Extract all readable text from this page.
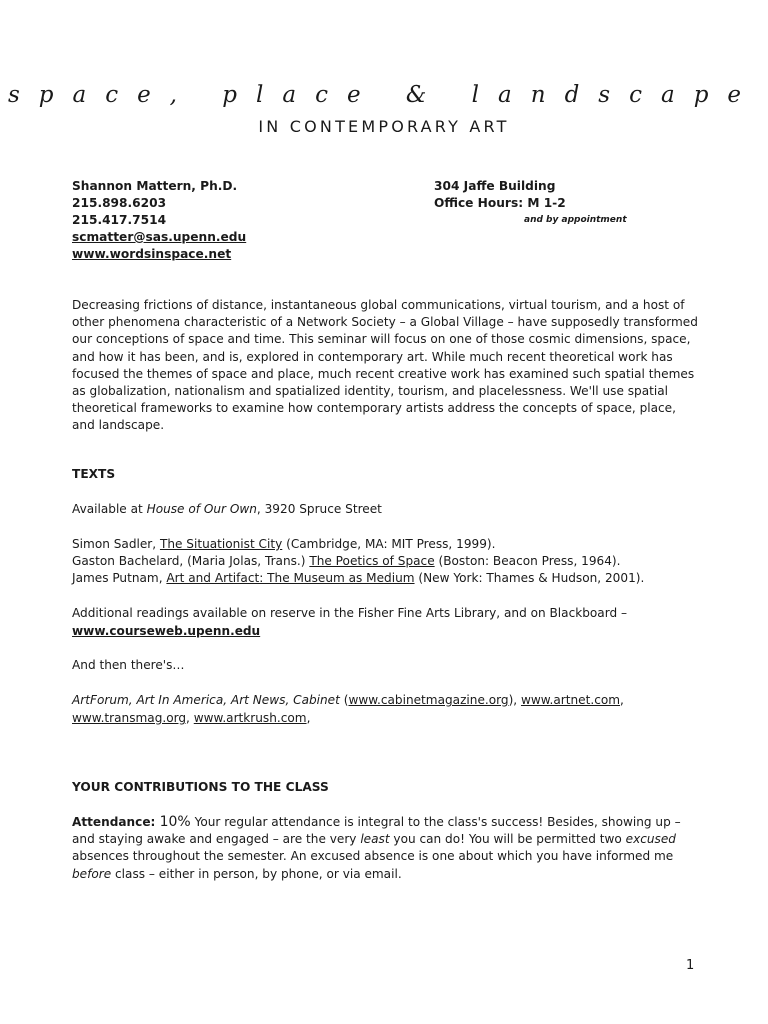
space, place & landscape
IN CONTEMPORARY ART
Shannon Mattern, Ph.D.
215.898.6203
215.417.7514
scmatter@sas.upenn.edu
www.wordsinspace.net
304 Jaffe Building
Office Hours: M 1-2
and by appointment
Decreasing frictions of distance, instantaneous global communications, virtual tourism, and a host of other phenomena characteristic of a Network Society – a Global Village – have supposedly transformed our conceptions of space and time. This seminar will focus on one of those cosmic dimensions, space, and how it has been, and is, explored in contemporary art. While much recent theoretical work has focused the themes of space and place, much recent creative work has examined such spatial themes as globalization, nationalism and spatialized identity, tourism, and placelessness. We'll use spatial theoretical frameworks to examine how contemporary artists address the concepts of space, place, and landscape.
TEXTS
Available at House of Our Own, 3920 Spruce Street
Simon Sadler, The Situationist City (Cambridge, MA: MIT Press, 1999).
Gaston Bachelard, (Maria Jolas, Trans.) The Poetics of Space (Boston: Beacon Press, 1964).
James Putnam, Art and Artifact: The Museum as Medium (New York: Thames & Hudson, 2001).
Additional readings available on reserve in the Fisher Fine Arts Library, and on Blackboard –
www.courseweb.upenn.edu
And then there's…
ArtForum, Art In America, Art News, Cabinet (www.cabinetmagazine.org), www.artnet.com,
www.transmag.org, www.artkrush.com,
YOUR CONTRIBUTIONS TO THE CLASS
Attendance: 10% Your regular attendance is integral to the class's success! Besides, showing up – and staying awake and engaged – are the very least you can do! You will be permitted two excused absences throughout the semester. An excused absence is one about which you have informed me before class – either in person, by phone, or via email.
1
